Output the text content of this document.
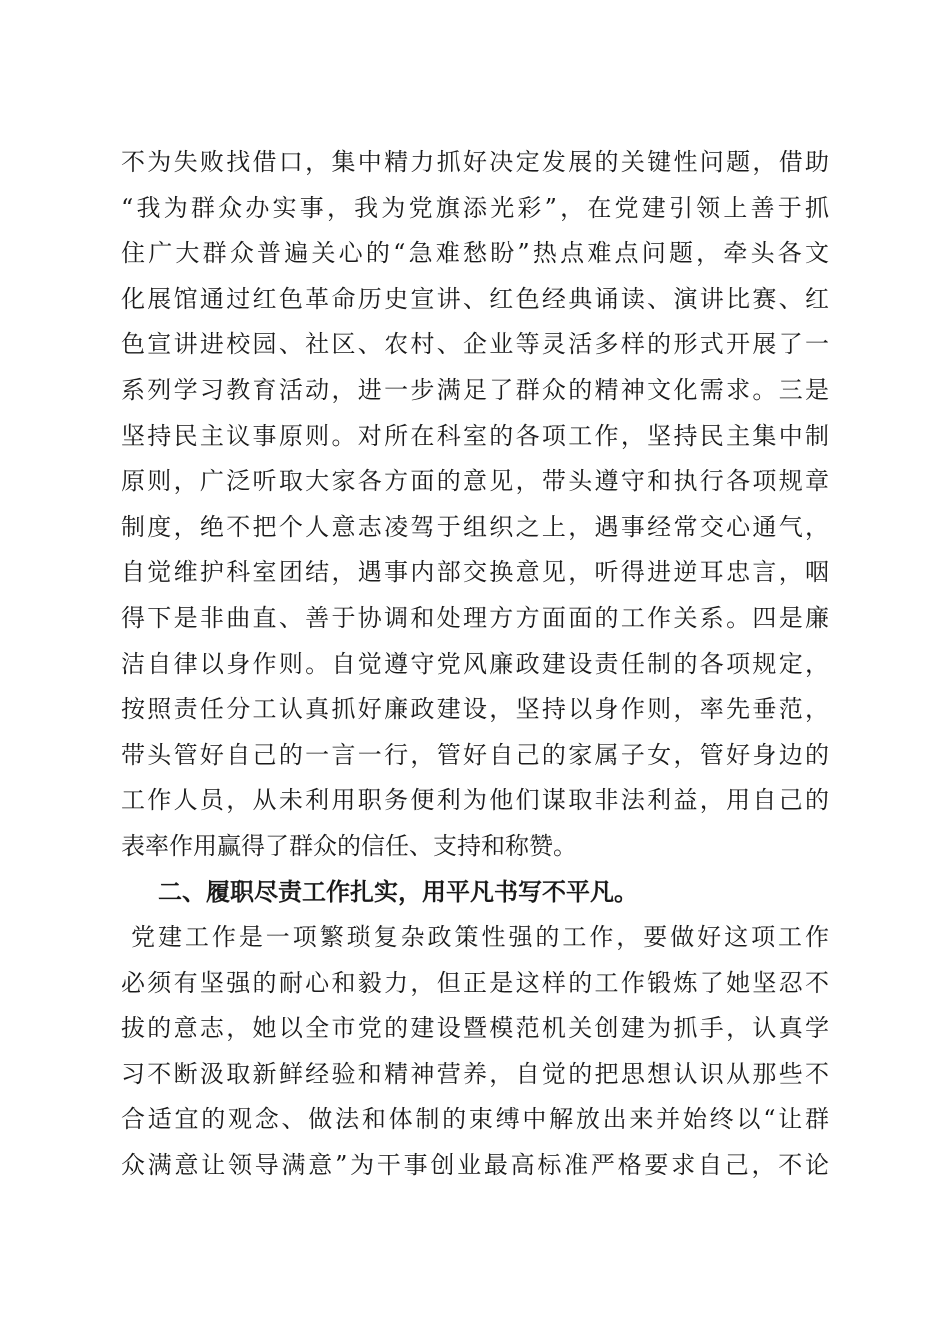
不为失败找借口，集中精力抓好决定发展的关键性问题，借助
“我为群众办实事，我为党旗添光彩”，在党建引领上善于抓
住广大群众普遍关心的“急难愁盼”热点难点问题，牵头各文
化展馆通过红色革命历史宣讲、红色经典诵读、演讲比赛、红
色宣讲进校园、社区、农村、企业等灵活多样的形式开展了一
系列学习教育活动，进一步满足了群众的精神文化需求。三是
坚持民主议事原则。对所在科室的各项工作，坚持民主集中制
原则，广泛听取大家各方面的意见，带头遵守和执行各项规章
制度，绝不把个人意志凌驾于组织之上，遇事经常交心通气，
自觉维护科室团结，遇事内部交换意见，听得进逆耳忠言，咽
得下是非曲直、善于协调和处理方方面面的工作关系。四是廉
洁自律以身作则。自觉遵守党风廉政建设责任制的各项规定，
按照责任分工认真抓好廉政建设，坚持以身作则，率先垂范，
带头管好自己的一言一行，管好自己的家属子女，管好身边的
工作人员，从未利用职务便利为他们谋取非法利益，用自己的
表率作用赢得了群众的信任、支持和称赞。
二、履职尽责工作扎实，用平凡书写不平凡。
党建工作是一项繁琐复杂政策性强的工作，要做好这项工作
必须有坚强的耐心和毅力，但正是这样的工作锻炼了她坚忍不
拔的意志，她以全市党的建设暨模范机关创建为抓手，认真学
习不断汲取新鲜经验和精神营养，自觉的把思想认识从那些不
合适宜的观念、做法和体制的束缚中解放出来并始终以“让群
众满意让领导满意”为干事创业最高标准严格要求自己，不论
